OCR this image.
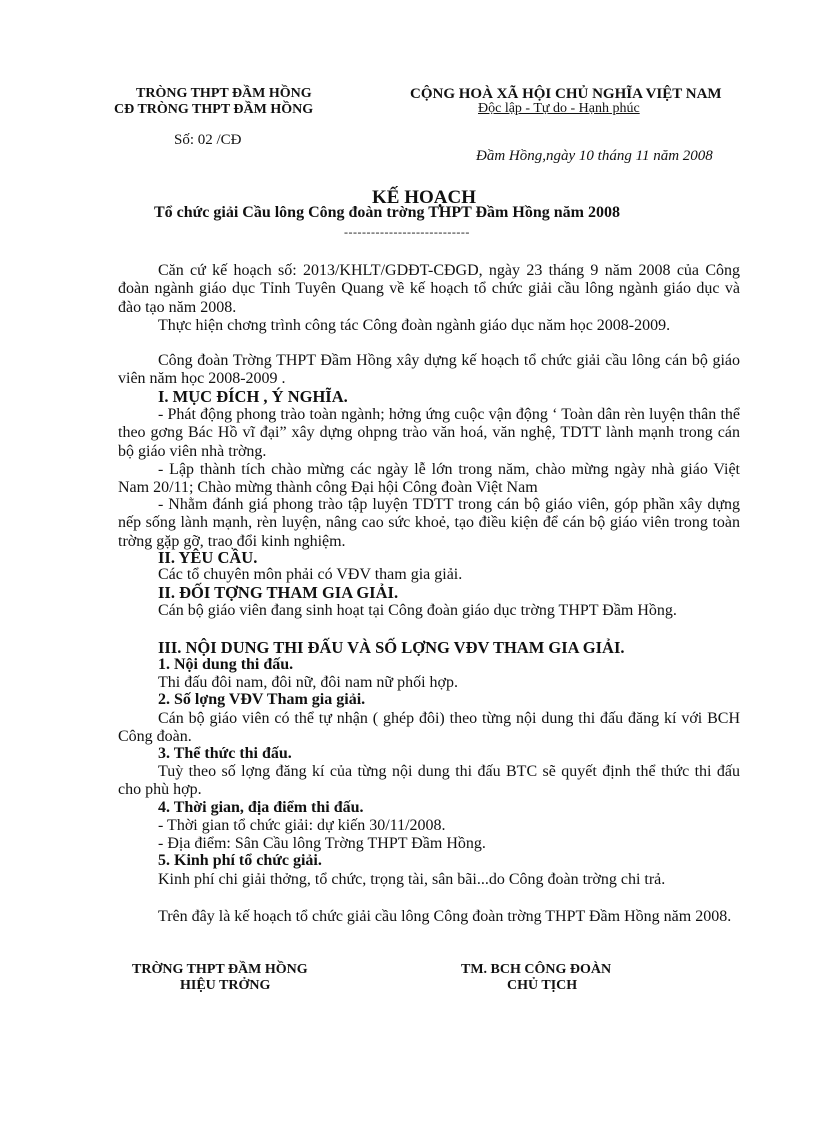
TRÒNG THPT ĐẦM HỒNG
CĐ TRÒNG THPT ĐẦM HỒNG
Số: 02 /CĐ
CỘNG HOÀ XÃ HỘI CHỦ NGHĨA VIỆT NAM
Độc lập - Tự do - Hạnh phúc
Đầm Hồng,ngày 10 tháng 11 năm 2008
KẾ HOẠCH
Tổ chức giải Cầu lông Công đoàn trờng THPT Đầm Hồng năm 2008
----------------------------
Căn cứ kế hoạch số: 2013/KHLT/GDĐT-CĐGD, ngày 23 tháng 9 năm 2008 của Công đoàn ngành giáo dục Tỉnh Tuyên Quang về kế hoạch tổ chức giải cầu lông ngành giáo dục và đào tạo năm 2008.
Thực hiện chơng trình công tác Công đoàn ngành giáo dục năm học 2008-2009.
Công đoàn Trờng THPT Đầm Hồng xây dựng kế hoạch tổ chức giải cầu lông cán bộ giáo viên năm học 2008-2009 .
I. MỤC ĐÍCH , Ý NGHĨA.
- Phát động phong trào toàn ngành; hởng ứng cuộc vận động ‘ Toàn dân rèn luyện thân thể theo gơng Bác Hồ vĩ đại” xây dựng ohpng trào văn hoá, văn nghệ, TDTT lành mạnh trong cán bộ giáo viên nhà trờng.
- Lập thành tích chào mừng các ngày lễ lớn trong năm, chào mừng ngày nhà giáo Việt Nam 20/11; Chào mừng thành công Đại hội Công đoàn Việt Nam
- Nhằm đánh giá phong trào tập luyện TDTT trong cán bộ giáo viên, góp phần xây dựng nếp sống lành mạnh, rèn luyện, nâng cao sức khoẻ, tạo điều kiện để cán bộ giáo viên trong toàn trờng gặp gỡ, trao đổi kinh nghiệm.
II. YÊU CẦU.
Các tổ chuyên môn phải có VĐV tham gia giải.
II. ĐỐI TỢNG THAM GIA GIẢI.
Cán bộ giáo viên đang sinh hoạt tại Công đoàn giáo dục trờng THPT Đầm Hồng.
III. NỘI DUNG THI ĐẤU VÀ SỐ LỢNG VĐV THAM GIA GIẢI.
1. Nội dung thi đấu.
Thi đấu đôi nam, đôi nữ, đôi nam nữ phối hợp.
2. Số lợng VĐV Tham gia giải.
Cán bộ giáo viên có thể tự nhận ( ghép đôi) theo từng nội dung thi đấu đăng kí với BCH Công đoàn.
3. Thể thức thi đấu.
Tuỳ theo số lợng đăng kí của từng nội dung thi đấu BTC sẽ quyết định thể thức thi đấu cho phù hợp.
4. Thời gian, địa điểm thi đấu.
- Thời gian tổ chức giải: dự kiến 30/11/2008.
- Địa điểm: Sân Cầu lông Trờng THPT Đầm Hồng.
5. Kinh phí tổ chức giải.
Kinh phí chi giải thởng, tổ chức, trọng tài, sân bãi...do Công đoàn trờng chi trả.
Trên đây là kế hoạch tổ chức giải cầu lông Công đoàn trờng THPT Đầm Hồng năm 2008.
TRỜNG THPT ĐẦM HỒNG
HIỆU TRỞNG
TM. BCH CÔNG ĐOÀN
CHỦ TỊCH
